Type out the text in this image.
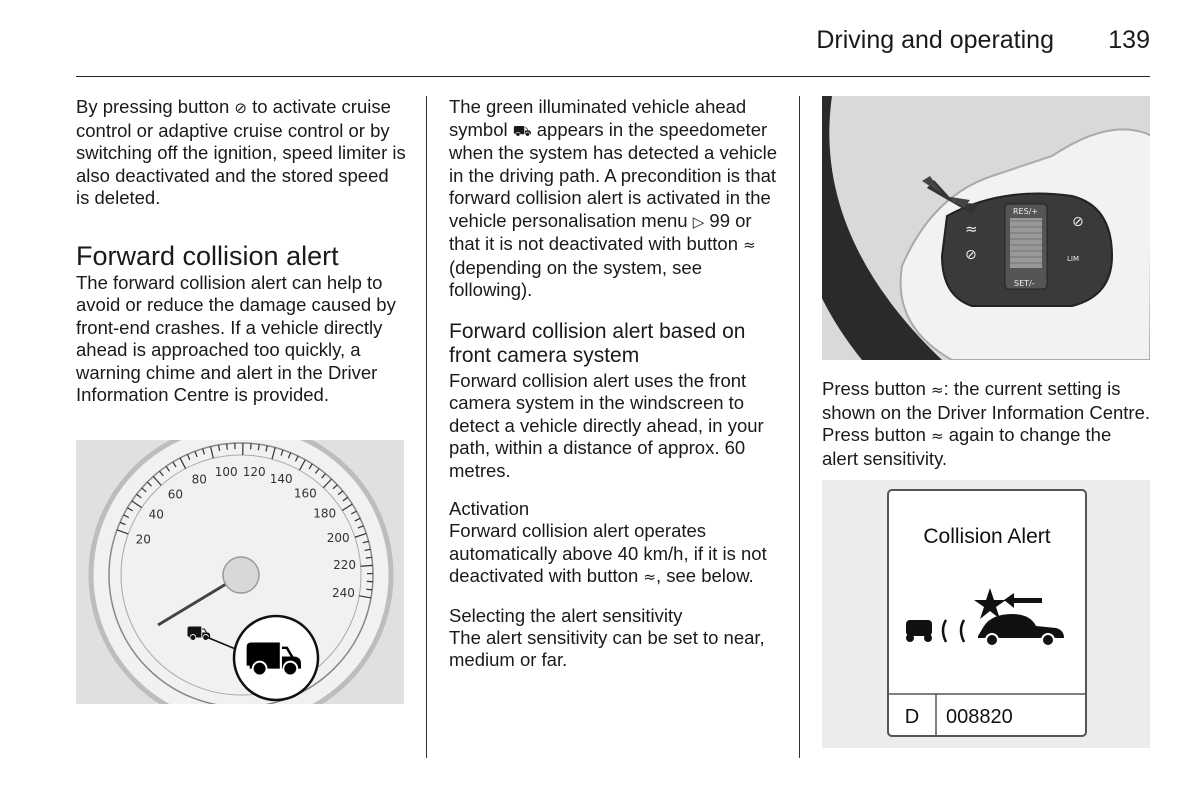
Driving and operating 139

By pressing button ⊘ to activate cruise control or adaptive cruise control or by switching off the ignition, speed limiter is also deactivated and the stored speed is deleted.

Forward collision alert

The forward collision alert can help to avoid or reduce the damage caused by front-end crashes. If a vehicle directly ahead is approached too quickly, a warning chime and alert in the Driver Information Centre is provided.

20
40
60
80
100 120
140
160
180
200
220
240
⛟ ⛟

The green illuminated vehicle ahead symbol ⛟ appears in the speedometer when the system has detected a vehicle in the driving path. A precondition is that forward collision alert is activated in the vehicle personalisation menu ▷ 99 or that it is not deactivated with button ≈ (depending on the system, see following).

Forward collision alert based on front camera system

Forward collision alert uses the front camera system in the windscreen to detect a vehicle directly ahead, in your path, within a distance of approx. 60 metres.

Activation

Forward collision alert operates automatically above 40 km/h, if it is not deactivated with button ≈, see below.

Selecting the alert sensitivity

The alert sensitivity can be set to near, medium or far.

RES/+
SET/-
LIM
≈
⊘
⊘

Press button ≈: the current setting is shown on the Driver Information Centre. Press button ≈ again to change the alert sensitivity.

Collision Alert
D 008820
